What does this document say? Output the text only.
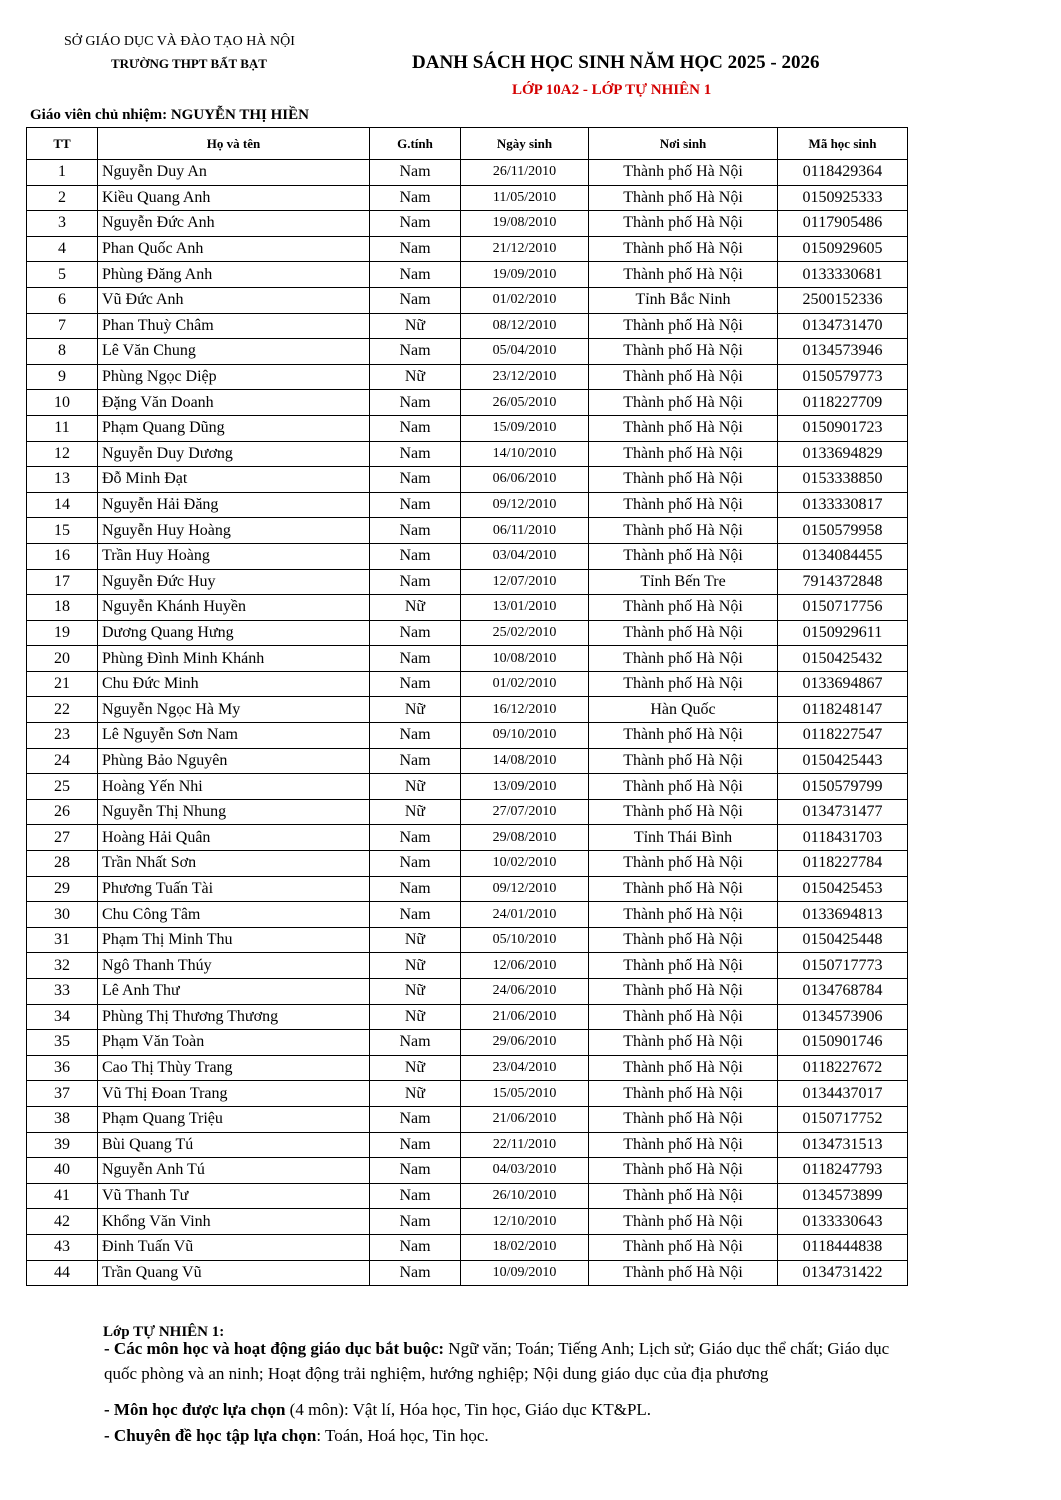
SỞ GIÁO DỤC VÀ ĐÀO TẠO HÀ NỘI
TRƯỜNG THPT BẤT BẠT	DANH SÁCH HỌC SINH NĂM HỌC 2025 - 2026
LỚP 10A2 - LỚP TỰ NHIÊN 1
Giáo viên chủ nhiệm: NGUYỄN THỊ HIỀN
TT	Họ và tên	G.tính	Ngày sinh	Nơi sinh	Mã học sinh
1	Nguyễn Duy An	Nam	26/11/2010	Thành phố Hà Nội	0118429364
2	Kiều Quang Anh	Nam	11/05/2010	Thành phố Hà Nội	0150925333
3	Nguyễn Đức Anh	Nam	19/08/2010	Thành phố Hà Nội	0117905486
4	Phan Quốc Anh	Nam	21/12/2010	Thành phố Hà Nội	0150929605
5	Phùng Đăng Anh	Nam	19/09/2010	Thành phố Hà Nội	0133330681
6	Vũ Đức Anh	Nam	01/02/2010	Tỉnh Bắc Ninh	2500152336
7	Phan Thuỳ Châm	Nữ	08/12/2010	Thành phố Hà Nội	0134731470
8	Lê Văn Chung	Nam	05/04/2010	Thành phố Hà Nội	0134573946
9	Phùng Ngọc Diệp	Nữ	23/12/2010	Thành phố Hà Nội	0150579773
10	Đặng Văn Doanh	Nam	26/05/2010	Thành phố Hà Nội	0118227709
11	Phạm Quang Dũng	Nam	15/09/2010	Thành phố Hà Nội	0150901723
12	Nguyễn Duy Dương	Nam	14/10/2010	Thành phố Hà Nội	0133694829
13	Đỗ Minh Đạt	Nam	06/06/2010	Thành phố Hà Nội	0153338850
14	Nguyễn Hải Đăng	Nam	09/12/2010	Thành phố Hà Nội	0133330817
15	Nguyễn Huy Hoàng	Nam	06/11/2010	Thành phố Hà Nội	0150579958
16	Trần Huy Hoàng	Nam	03/04/2010	Thành phố Hà Nội	0134084455
17	Nguyễn Đức Huy	Nam	12/07/2010	Tỉnh Bến Tre	7914372848
18	Nguyễn Khánh Huyền	Nữ	13/01/2010	Thành phố Hà Nội	0150717756
19	Dương Quang Hưng	Nam	25/02/2010	Thành phố Hà Nội	0150929611
20	Phùng Đình Minh Khánh	Nam	10/08/2010	Thành phố Hà Nội	0150425432
21	Chu Đức Minh	Nam	01/02/2010	Thành phố Hà Nội	0133694867
22	Nguyễn Ngọc Hà My	Nữ	16/12/2010	Hàn Quốc	0118248147
23	Lê Nguyễn Sơn Nam	Nam	09/10/2010	Thành phố Hà Nội	0118227547
24	Phùng Bảo Nguyên	Nam	14/08/2010	Thành phố Hà Nội	0150425443
25	Hoàng Yến Nhi	Nữ	13/09/2010	Thành phố Hà Nội	0150579799
26	Nguyễn Thị Nhung	Nữ	27/07/2010	Thành phố Hà Nội	0134731477
27	Hoàng Hải Quân	Nam	29/08/2010	Tỉnh Thái Bình	0118431703
28	Trần Nhất Sơn	Nam	10/02/2010	Thành phố Hà Nội	0118227784
29	Phương Tuấn Tài	Nam	09/12/2010	Thành phố Hà Nội	0150425453
30	Chu Công Tâm	Nam	24/01/2010	Thành phố Hà Nội	0133694813
31	Phạm Thị Minh Thu	Nữ	05/10/2010	Thành phố Hà Nội	0150425448
32	Ngô Thanh Thúy	Nữ	12/06/2010	Thành phố Hà Nội	0150717773
33	Lê Anh Thư	Nữ	24/06/2010	Thành phố Hà Nội	0134768784
34	Phùng Thị Thương Thương	Nữ	21/06/2010	Thành phố Hà Nội	0134573906
35	Phạm Văn Toàn	Nam	29/06/2010	Thành phố Hà Nội	0150901746
36	Cao Thị Thùy Trang	Nữ	23/04/2010	Thành phố Hà Nội	0118227672
37	Vũ Thị Đoan Trang	Nữ	15/05/2010	Thành phố Hà Nội	0134437017
38	Phạm Quang Triệu	Nam	21/06/2010	Thành phố Hà Nội	0150717752
39	Bùi Quang Tú	Nam	22/11/2010	Thành phố Hà Nội	0134731513
40	Nguyễn Anh Tú	Nam	04/03/2010	Thành phố Hà Nội	0118247793
41	Vũ Thanh Tư	Nam	26/10/2010	Thành phố Hà Nội	0134573899
42	Khổng Văn Vinh	Nam	12/10/2010	Thành phố Hà Nội	0133330643
43	Đinh Tuấn Vũ	Nam	18/02/2010	Thành phố Hà Nội	0118444838
44	Trần Quang Vũ	Nam	10/09/2010	Thành phố Hà Nội	0134731422
Lớp TỰ NHIÊN 1:
- Các môn học và hoạt động giáo dục bắt buộc: Ngữ văn; Toán; Tiếng Anh; Lịch sử; Giáo dục thể chất; Giáo dục quốc phòng và an ninh; Hoạt động trải nghiệm, hướng nghiệp; Nội dung giáo dục của địa phương
- Môn học được lựa chọn (4 môn): Vật lí, Hóa học, Tin học, Giáo dục KT&PL.
- Chuyên đề học tập lựa chọn: Toán, Hoá học, Tin học.
